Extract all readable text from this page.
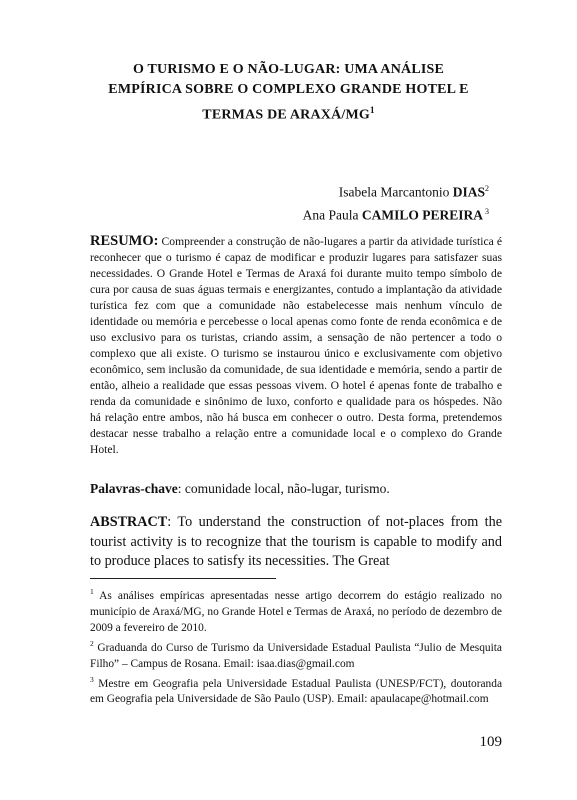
O TURISMO E O NÃO-LUGAR: UMA ANÁLISE
EMPÍRICA SOBRE O COMPLEXO GRANDE HOTEL E
TERMAS DE ARAXÁ/$MG^1$
Isabela Marcantonio DIAS$^2$
Ana Paula CAMILO PEREIRA $^3$
RESUMO: Compreender a construção de não-lugares a partir da atividade turística é reconhecer que o turismo é capaz de modificar e produzir lugares para satisfazer suas necessidades. O Grande Hotel e Termas de Araxá foi durante muito tempo símbolo de cura por causa de suas águas termais e energizantes, contudo a implantação da atividade turística fez com que a comunidade não estabelecesse mais nenhum vínculo de identidade ou memória e percebesse o local apenas como fonte de renda econômica e de uso exclusivo para os turistas, criando assim, a sensação de não pertencer a todo o complexo que ali existe. O turismo se instaurou único e exclusivamente com objetivo econômico, sem inclusão da comunidade, de sua identidade e memória, sendo a partir de então, alheio a realidade que essas pessoas vivem. O hotel é apenas fonte de trabalho e renda da comunidade e sinônimo de luxo, conforto e qualidade para os hóspedes. Não há relação entre ambos, não há busca em conhecer o outro. Desta forma, pretendemos destacar nesse trabalho a relação entre a comunidade local e o complexo do Grande Hotel.
Palavras-chave: comunidade local, não-lugar, turismo.
ABSTRACT: To understand the construction of not-places from the tourist activity is to recognize that the tourism is capable to modify and to produce places to satisfy its necessities. The Great

$^1$ As análises empíricas apresentadas nesse artigo decorrem do estágio realizado no município de Araxá/MG, no Grande Hotel e Termas de Araxá, no período de dezembro de 2009 a fevereiro de 2010.

$^2$ Graduanda do Curso de Turismo da Universidade Estadual Paulista “Julio de Mesquita Filho” – Campus de Rosana. Email: isaa.dias@gmail.com

$^3$ Mestre em Geografia pela Universidade Estadual Paulista (UNESP/FCT), doutoranda em Geografia pela Universidade de São Paulo (USP). Email: apaulacape@hotmail.com

109
